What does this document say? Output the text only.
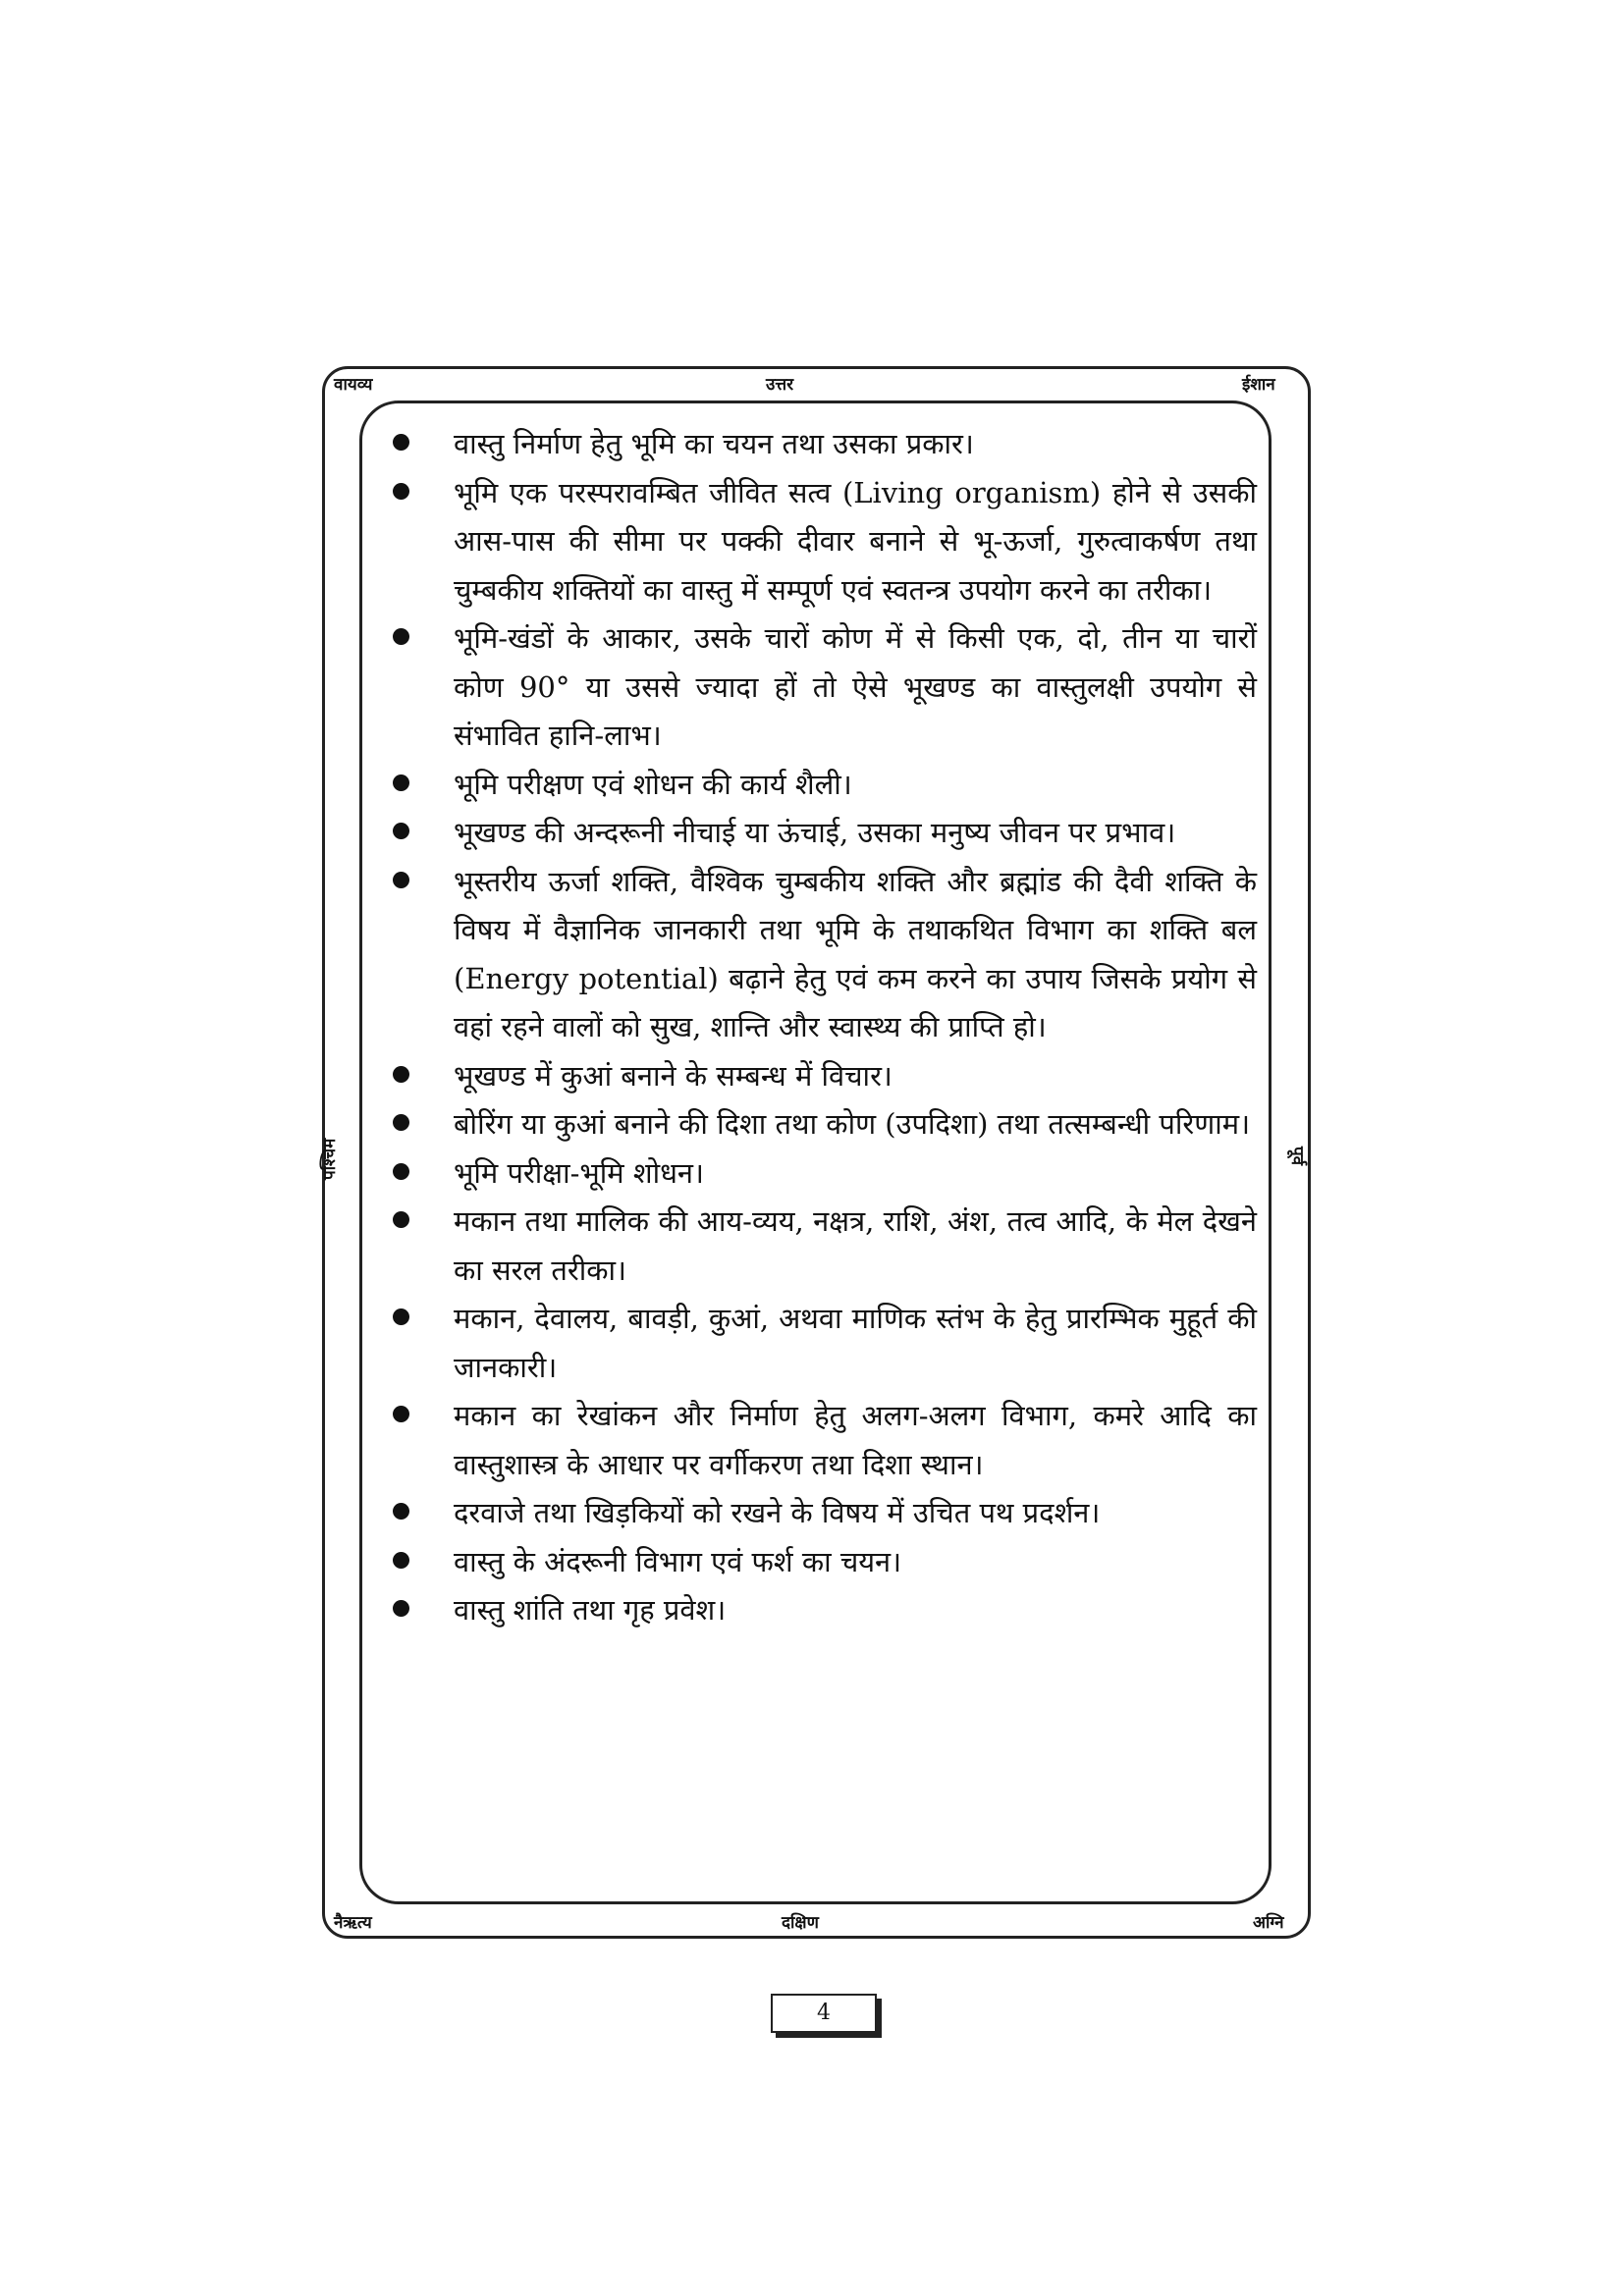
वायव्य	उत्तर	ईशान
पश्चिम	पूर्व
नैऋत्य	दक्षिण	अग्नि
वास्तु निर्माण हेतु भूमि का चयन तथा उसका प्रकार।
भूमि एक परस्परावम्बित जीवित सत्व (Living organism) होने से उसकी आस-पास की सीमा पर पक्की दीवार बनाने से भू-ऊर्जा, गुरुत्वाकर्षण तथा चुम्बकीय शक्तियों का वास्तु में सम्पूर्ण एवं स्वतन्त्र उपयोग करने का तरीका।
भूमि-खंडों के आकार, उसके चारों कोण में से किसी एक, दो, तीन या चारों कोण 90° या उससे ज्यादा हों तो ऐसे भूखण्ड का वास्तुलक्षी उपयोग से संभावित हानि-लाभ।
भूमि परीक्षण एवं शोधन की कार्य शैली।
भूखण्ड की अन्दरूनी नीचाई या ऊंचाई, उसका मनुष्य जीवन पर प्रभाव।
भूस्तरीय ऊर्जा शक्ति, वैश्विक चुम्बकीय शक्ति और ब्रह्मांड की दैवी शक्ति के विषय में वैज्ञानिक जानकारी तथा भूमि के तथाकथित विभाग का शक्ति बल (Energy potential) बढ़ाने हेतु एवं कम करने का उपाय जिसके प्रयोग से वहां रहने वालों को सुख, शान्ति और स्वास्थ्य की प्राप्ति हो।
भूखण्ड में कुआं बनाने के सम्बन्ध में विचार।
बोरिंग या कुआं बनाने की दिशा तथा कोण (उपदिशा) तथा तत्सम्बन्धी परिणाम।
भूमि परीक्षा-भूमि शोधन।
मकान तथा मालिक की आय-व्यय, नक्षत्र, राशि, अंश, तत्व आदि, के मेल देखने का सरल तरीका।
मकान, देवालय, बावड़ी, कुआं, अथवा माणिक स्तंभ के हेतु प्रारम्भिक मुहूर्त की जानकारी।
मकान का रेखांकन और निर्माण हेतु अलग-अलग विभाग, कमरे आदि का वास्तुशास्त्र के आधार पर वर्गीकरण तथा दिशा स्थान।
दरवाजे तथा खिड़कियों को रखने के विषय में उचित पथ प्रदर्शन।
वास्तु के अंदरूनी विभाग एवं फर्श का चयन।
वास्तु शांति तथा गृह प्रवेश।
4
